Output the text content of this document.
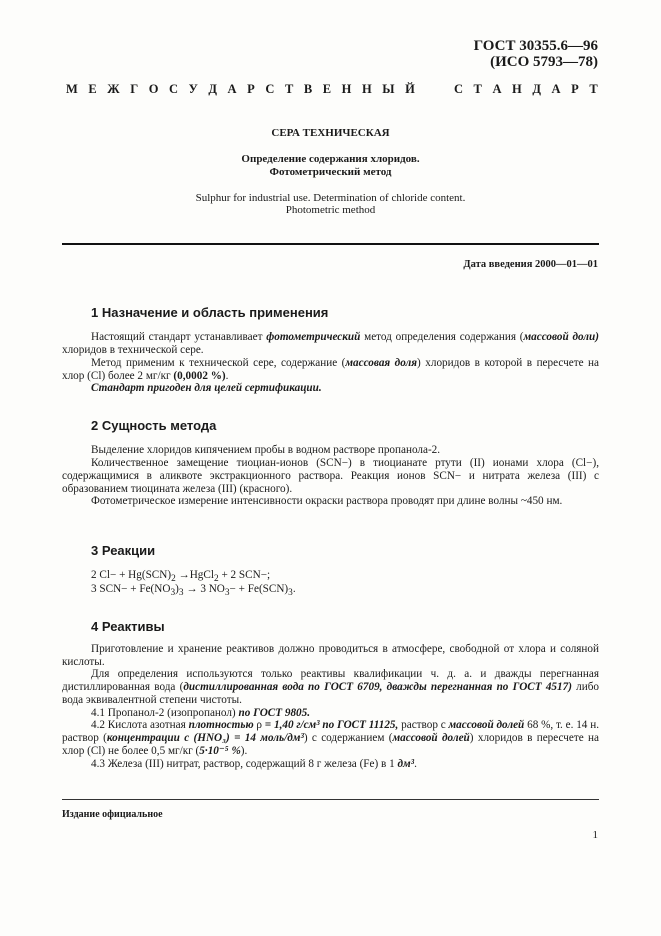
ГОСТ 30355.6—96
(ИСО 5793—78)
М Е Ж Г О С У Д А Р С Т В Е Н Н Ы Й	С Т А Н Д А Р Т
СЕРА ТЕХНИЧЕСКАЯ
Определение содержания хлоридов.
Фотометрический метод
Sulphur for industrial use. Determination of chloride content.
Photometric method
Дата введения 2000—01—01
1 Назначение и область применения
Настоящий стандарт устанавливает фотометрический метод определения содержания (массовой доли) хлоридов в технической сере.
Метод применим к технической сере, содержание (массовая доля) хлоридов в которой в пересчете на хлор (Cl) более 2 мг/кг (0,0002 %).
Стандарт пригоден для целей сертификации.
2 Сущность метода
Выделение хлоридов кипячением пробы в водном растворе пропанола-2.
Количественное замещение тиоциан-ионов (SCN−) в тиоцианате ртути (II) ионами хлора (Cl−), содержащимися в аликвоте экстракционного раствора. Реакция ионов SCN− и нитрата железа (III) с образованием тиоцината железа (III) (красного).
Фотометрическое измерение интенсивности окраски раствора проводят при длине волны ~450 нм.
3 Реакции
2 $Cl- + Hg(SCN)_2$ →HgCl$_2$ + 2 SCN−;
3 $SCN- + Fe(NO_3)_3 \to 3$ $NO_3- + Fe(SCN)_3$.
4 Реактивы
Приготовление и хранение реактивов должно проводиться в атмосфере, свободной от хлора и соляной кислоты.
Для определения используются только реактивы квалификации ч. д. а. и дважды перегнанная дистиллированная вода (дистиллированная вода по ГОСТ 6709, дважды перегнанная по ГОСТ 4517) либо вода эквивалентной степени чистоты.
4.1 Пропанол-2 (изопропанол) по ГОСТ 9805.
4.2 Кислота азотная плотностью ρ = 1,40 г/см³ по ГОСТ 11125, раствор с массовой долей 68 %, т. е. 14 н. раствор (концентрации c (HNO₃) = 14 моль/дм³) с содержанием (массовой долей) хлоридов в пересчете на хлор (Cl) не более 0,5 мг/кг (5·10⁻⁵ %).
4.3 Железа (III) нитрат, раствор, содержащий 8 г железа (Fe) в 1 дм³.
Издание официальное
1
